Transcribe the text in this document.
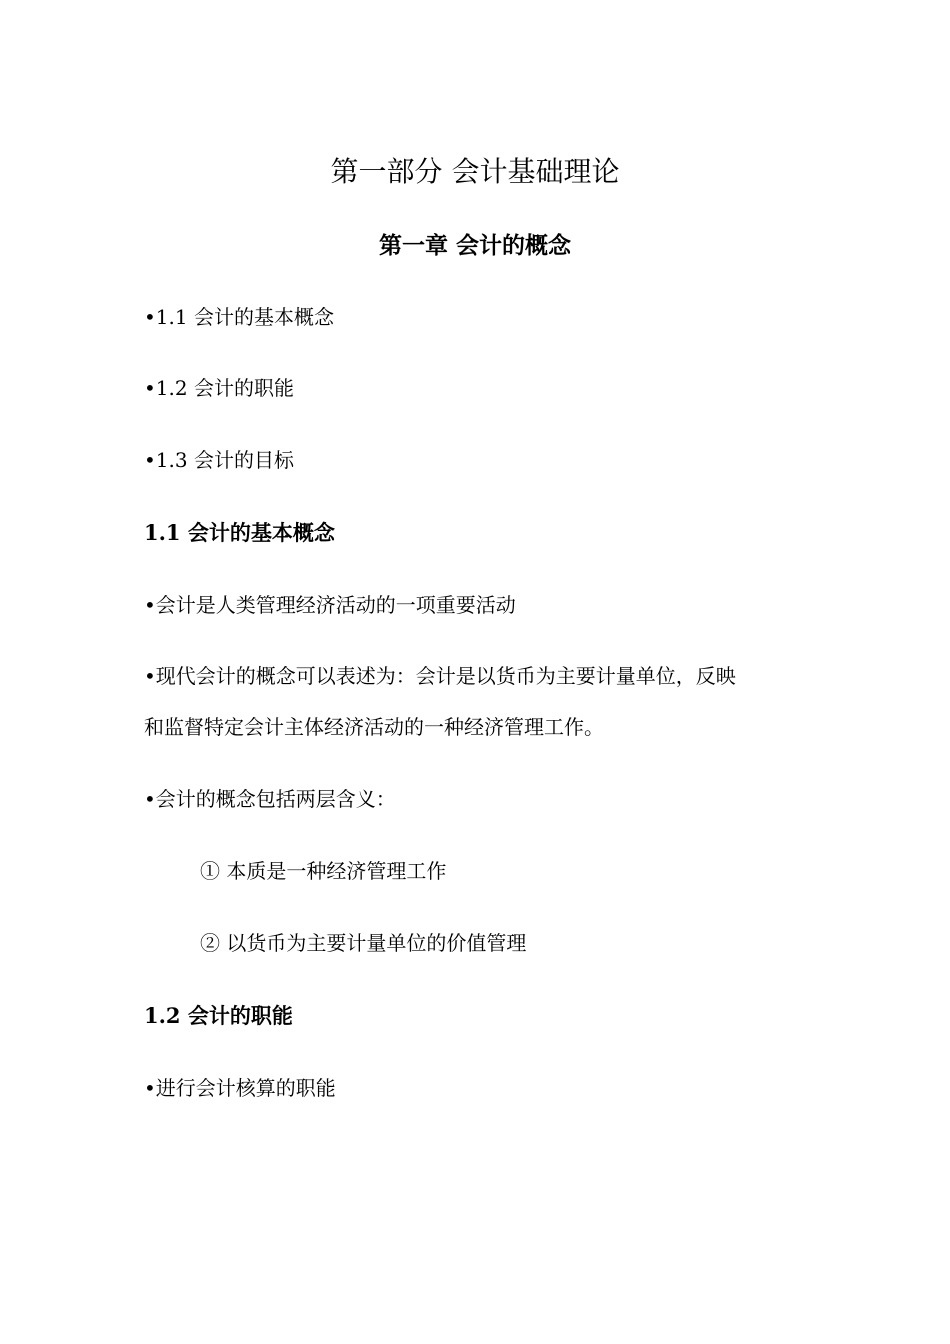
第一部分 会计基础理论
第一章 会计的概念

•1.1 会计的基本概念

•1.2 会计的职能

•1.3 会计的目标

1.1 会计的基本概念

•会计是人类管理经济活动的一项重要活动

•现代会计的概念可以表述为：会计是以货币为主要计量单位，反映

和监督特定会计主体经济活动的一种经济管理工作。

•会计的概念包括两层含义：

① 本质是一种经济管理工作

② 以货币为主要计量单位的价值管理

1.2 会计的职能

•进行会计核算的职能
